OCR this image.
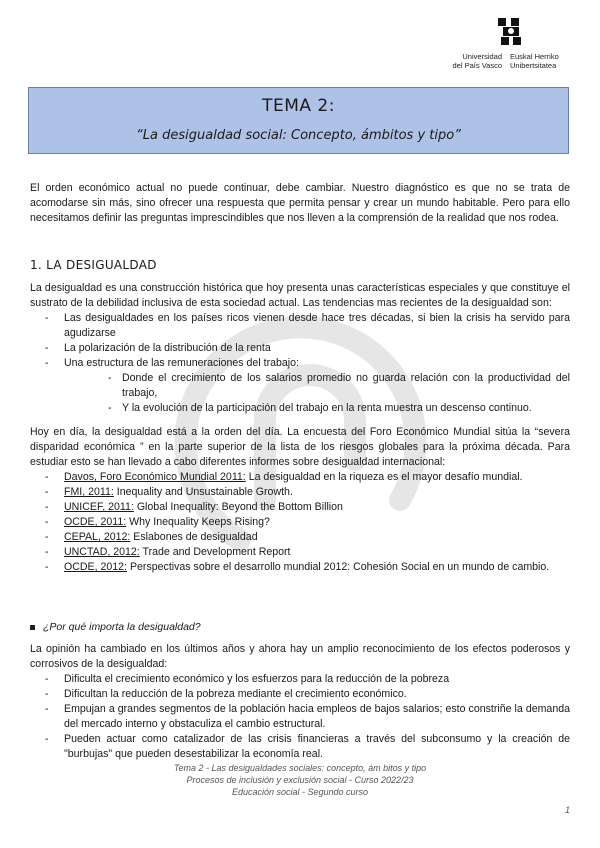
Universidad
del País Vasco
Euskal Herriko
Unibertsitatea
TEMA 2:
“La desigualdad social: Concepto, ámbitos y tipo”
El orden económico actual no puede continuar, debe cambiar. Nuestro diagnóstico es que no se trata de acomodarse sin más, sino ofrecer una respuesta que permita pensar y crear un mundo habitable. Pero para ello necesitamos definir las preguntas imprescindibles que nos lleven a la comprensión de la realidad que nos rodea.
1. LA DESIGUALDAD
La desigualdad es una construcción histórica que hoy presenta unas características especiales y que constituye el sustrato de la debilidad inclusiva de esta sociedad actual. Las tendencias mas recientes de la desigualdad son:
- Las desigualdades en los países ricos vienen desde hace tres décadas, si bien la crisis ha servido para agudizarse
- La polarización de la distribución de la renta
- Una estructura de las remuneraciones del trabajo:
- Donde el crecimiento de los salarios promedio no guarda relación con la productividad del trabajo,
- Y la evolución de la participación del trabajo en la renta muestra un descenso continuo.
Hoy en día, la desigualdad está a la orden del día. La encuesta del Foro Económico Mundial sitúa la “severa disparidad económica ” en la parte superior de la lista de los riesgos globales para la próxima década. Para estudiar esto se han llevado a cabo diferentes informes sobre desigualdad internacional:
- Davos, Foro Económico Mundial 2011: La desigualdad en la riqueza es el mayor desafío mundial.
- FMI, 2011: Inequality and Unsustainable Growth.
- UNICEF, 2011: Global Inequality: Beyond the Bottom Billion
- OCDE, 2011: Why Inequality Keeps Rising?
- CEPAL, 2012: Eslabones de desigualdad
- UNCTAD, 2012: Trade and Development Report
- OCDE, 2012: Perspectivas sobre el desarrollo mundial 2012: Cohesión Social en un mundo de cambio.
¿Por qué importa la desigualdad?
La opinión ha cambiado en los últimos años y ahora hay un amplio reconocimiento de los efectos poderosos y corrosivos de la desigualdad:
- Dificulta el crecimiento económico y los esfuerzos para la reducción de la pobreza
- Dificultan la reducción de la pobreza mediante el crecimiento económico.
- Empujan a grandes segmentos de la población hacia empleos de bajos salarios; esto constriñe la demanda del mercado interno y obstaculiza el cambio estructural.
- Pueden actuar como catalizador de las crisis financieras a través del subconsumo y la creación de "burbujas" que pueden desestabilizar la economía real.
Tema 2 - Las desigualdades sociales: concepto, ám bitos y tipo
Procesos de inclusión y exclusión social - Curso 2022/23
Educación social - Segundo curso
1
